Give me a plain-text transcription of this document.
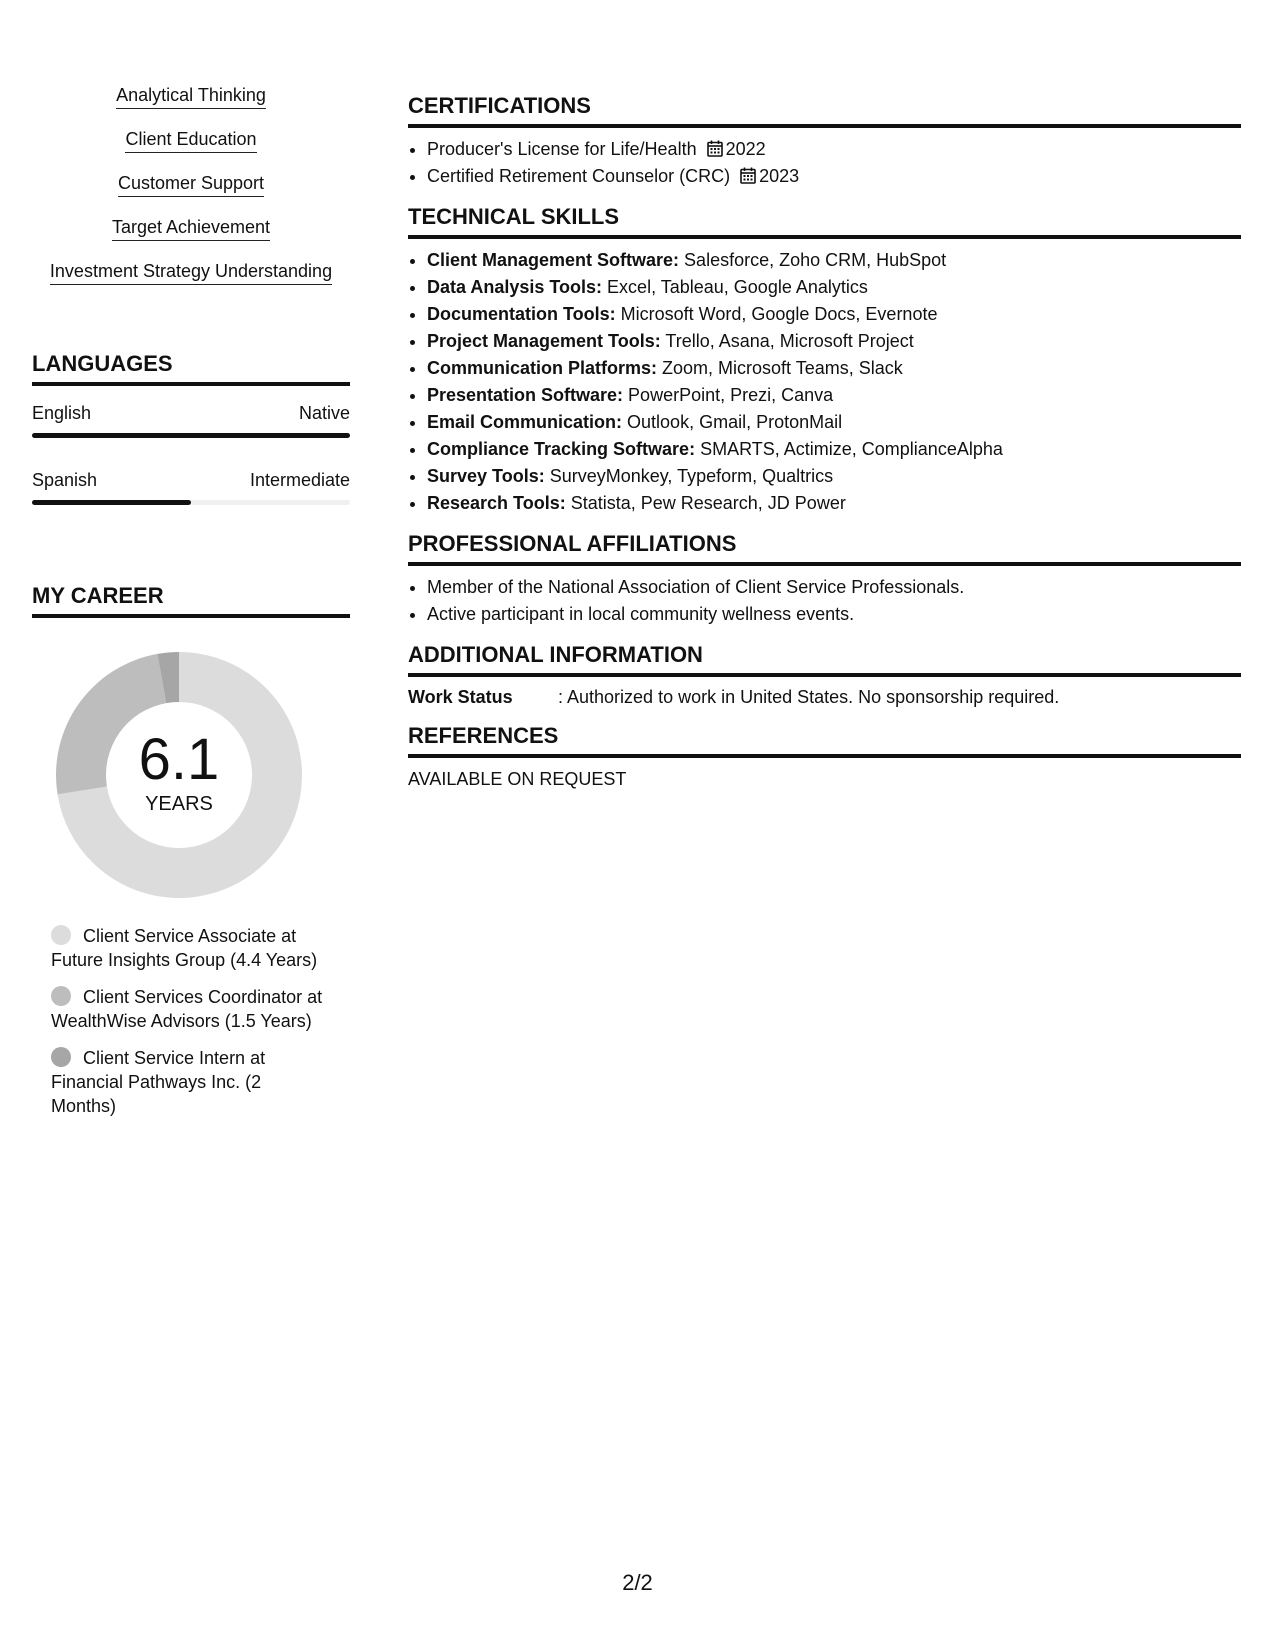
Analytical Thinking
Client Education
Customer Support
Target Achievement
Investment Strategy Understanding
LANGUAGES
English	Native
Spanish	Intermediate
MY CAREER
6.1
YEARS
Client Service Associate at Future Insights Group (4.4 Years)
Client Services Coordinator at WealthWise Advisors (1.5 Years)
Client Service Intern at Financial Pathways Inc. (2 Months)
CERTIFICATIONS
• Producer's License for Life/Health 2022
• Certified Retirement Counselor (CRC) 2023
TECHNICAL SKILLS
• Client Management Software: Salesforce, Zoho CRM, HubSpot
• Data Analysis Tools: Excel, Tableau, Google Analytics
• Documentation Tools: Microsoft Word, Google Docs, Evernote
• Project Management Tools: Trello, Asana, Microsoft Project
• Communication Platforms: Zoom, Microsoft Teams, Slack
• Presentation Software: PowerPoint, Prezi, Canva
• Email Communication: Outlook, Gmail, ProtonMail
• Compliance Tracking Software: SMARTS, Actimize, ComplianceAlpha
• Survey Tools: SurveyMonkey, Typeform, Qualtrics
• Research Tools: Statista, Pew Research, JD Power
PROFESSIONAL AFFILIATIONS
• Member of the National Association of Client Service Professionals.
• Active participant in local community wellness events.
ADDITIONAL INFORMATION
Work Status	: Authorized to work in United States. No sponsorship required.
REFERENCES
AVAILABLE ON REQUEST
2/2
